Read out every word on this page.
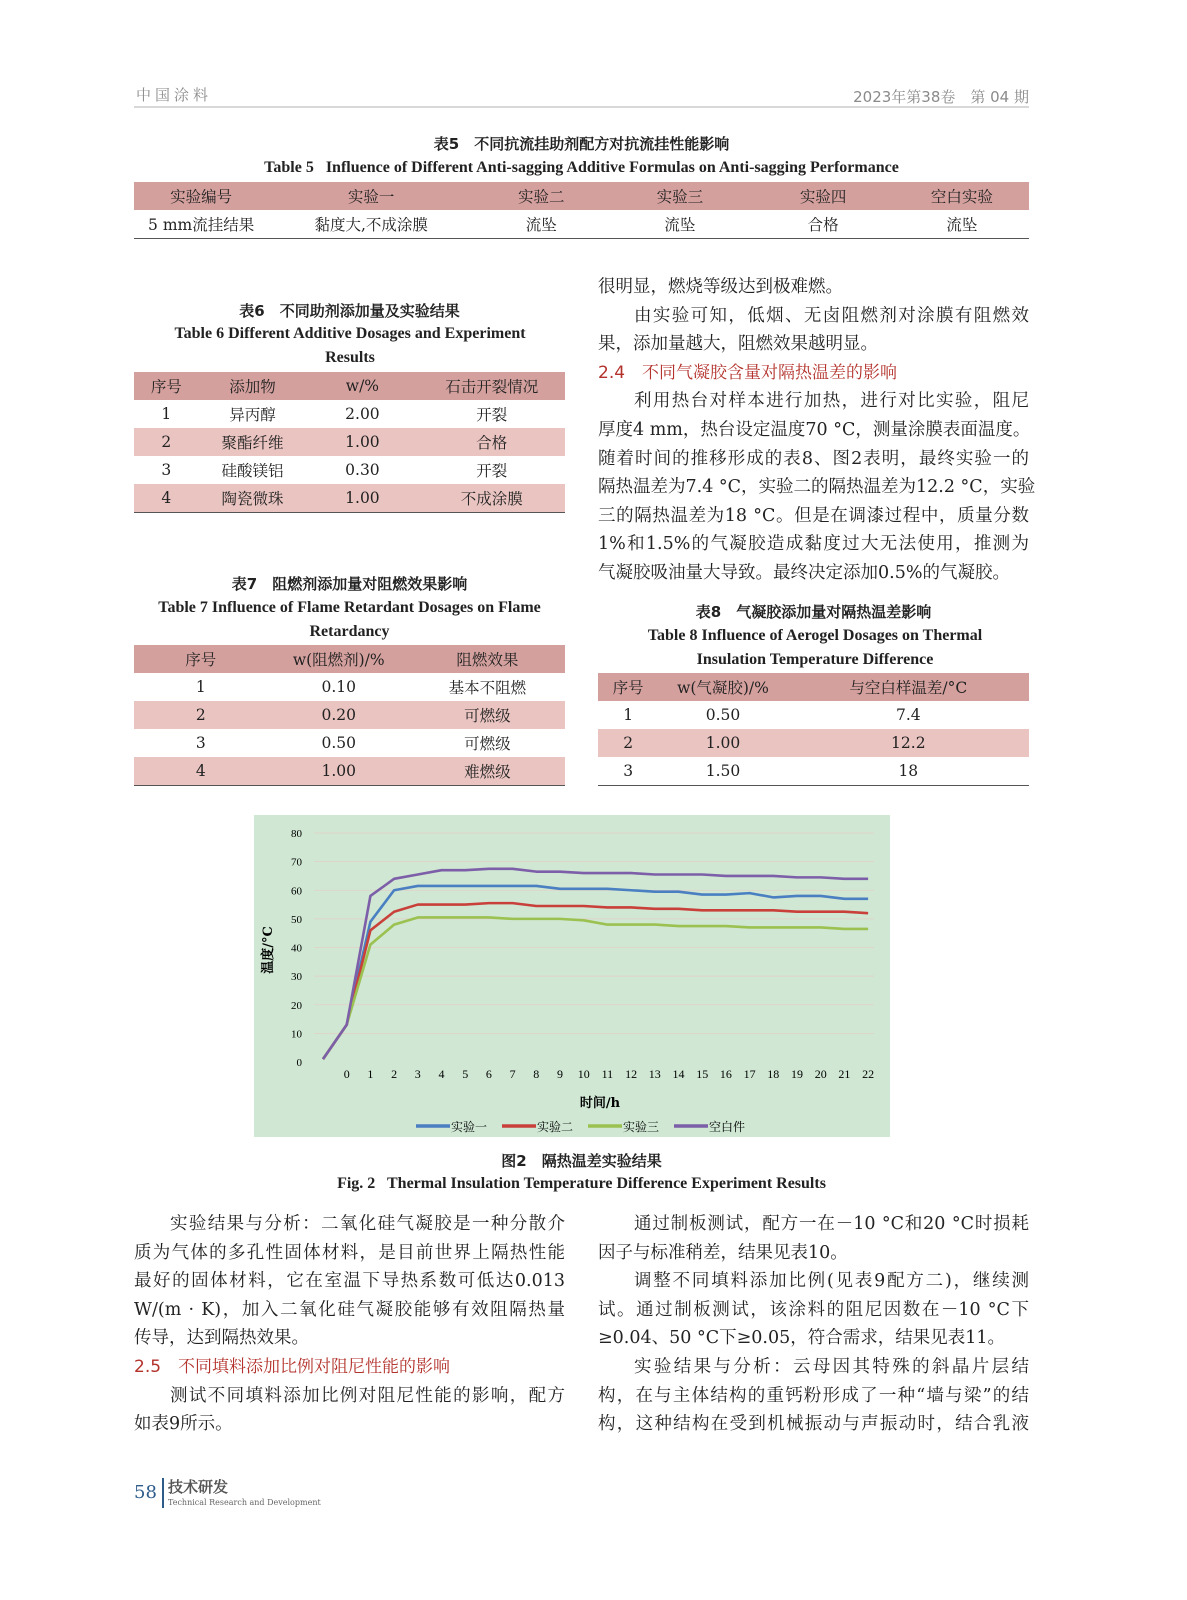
中国涂料	2023年第38卷　第 04 期
表5　不同抗流挂助剂配方对抗流挂性能影响
Table 5   Influence of Different Anti-sagging Additive Formulas on Anti-sagging Performance
实验编号	实验一	实验二	实验三	实验四	空白实验
5 mm流挂结果	黏度大,不成涂膜	流坠	流坠	合格	流坠
表6　不同助剂添加量及实验结果
Table 6 Different Additive Dosages and Experiment Results
序号	添加物	w/%	石击开裂情况
1	异丙醇	2.00	开裂
2	聚酯纤维	1.00	合格
3	硅酸镁铝	0.30	开裂
4	陶瓷微珠	1.00	不成涂膜
表7　阻燃剂添加量对阻燃效果影响
Table 7 Influence of Flame Retardant Dosages on Flame Retardancy
序号	w(阻燃剂)/%	阻燃效果
1	0.10	基本不阻燃
2	0.20	可燃级
3	0.50	可燃级
4	1.00	难燃级
很明显，燃烧等级达到极难燃。
由实验可知，低烟、无卤阻燃剂对涂膜有阻燃效
果，添加量越大，阻燃效果越明显。
2.4　不同气凝胶含量对隔热温差的影响
利用热台对样本进行加热，进行对比实验，阻尼
厚度4 mm，热台设定温度70 °C，测量涂膜表面温度。
随着时间的推移形成的表8、图2表明，最终实验一的
隔热温差为7.4 °C，实验二的隔热温差为12.2 °C，实验
三的隔热温差为18 °C。但是在调漆过程中，质量分数
1%和1.5%的气凝胶造成黏度过大无法使用，推测为
气凝胶吸油量大导致。最终决定添加0.5%的气凝胶。
表8　气凝胶添加量对隔热温差影响
Table 8 Influence of Aerogel Dosages on Thermal Insulation Temperature Difference
序号	w(气凝胶)/%	与空白样温差/°C
1	0.50	7.4
2	1.00	12.2
3	1.50	18
0
10
20
30
40
50
60
70
80
0 1 2 3 4 5 6 7 8 9 10 11 12 13 14 15 16 17 18 19 20 21 22
时间/h
温度/°C
实验一	实验二	实验三	空白件
图2　隔热温差实验结果
Fig. 2   Thermal Insulation Temperature Difference Experiment Results
实验结果与分析：二氧化硅气凝胶是一种分散介
质为气体的多孔性固体材料，是目前世界上隔热性能
最好的固体材料，它在室温下导热系数可低达0.013
W/(m · K)，加入二氧化硅气凝胶能够有效阻隔热量
传导，达到隔热效果。
2.5　不同填料添加比例对阻尼性能的影响
测试不同填料添加比例对阻尼性能的影响，配方
如表9所示。
通过制板测试，配方一在－10 °C和20 °C时损耗
因子与标准稍差，结果见表10。
调整不同填料添加比例(见表9配方二)，继续测
试。通过制板测试，该涂料的阻尼因数在－10 °C下
≥0.04、50 °C下≥0.05，符合需求，结果见表11。
实验结果与分析：云母因其特殊的斜晶片层结
构，在与主体结构的重钙粉形成了一种“墙与梁”的结
构，这种结构在受到机械振动与声振动时，结合乳液
58 技术研发
Technical Research and Development
